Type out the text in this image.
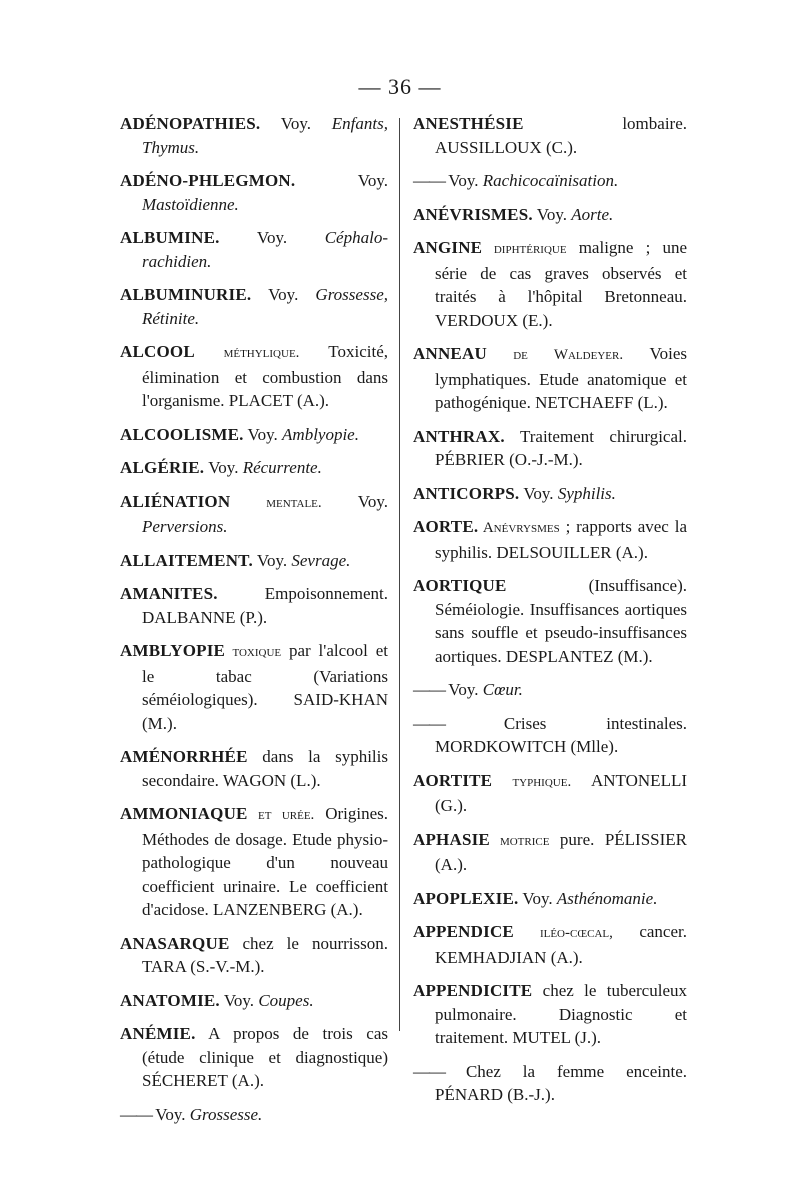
— 36 —

ADÉNOPATHIES. Voy. Enfants, Thymus.

ADÉNO-PHLEGMON. Voy. Mastoïdienne.

ALBUMINE. Voy. Céphalo-rachidien.

ALBUMINURIE. Voy. Grossesse, Rétinite.

ALCOOL méthylique. Toxicité, élimination et combustion dans l'organisme. PLACET (A.).

ALCOOLISME. Voy. Amblyopie.

ALGÉRIE. Voy. Récurrente.

ALIÉNATION mentale. Voy. Perversions.

ALLAITEMENT. Voy. Sevrage.

AMANITES. Empoisonnement. DALBANNE (P.).

AMBLYOPIE toxique par l'alcool et le tabac (Variations séméiologiques). SAID-KHAN (M.).

AMÉNORRHÉE dans la syphilis secondaire. WAGON (L.).

AMMONIAQUE et urée. Origines. Méthodes de dosage. Etude physio-pathologique d'un nouveau coefficient urinaire. Le coefficient d'acidose. LANZENBERG (A.).

ANASARQUE chez le nourrisson. TARA (S.-V.-M.).

ANATOMIE. Voy. Coupes.

ANÉMIE. A propos de trois cas (étude clinique et diagnostique) SÉCHERET (A.).

—— Voy. Grossesse.

ANESTHÉSIE lombaire. AUSSILLOUX (C.).

—— Voy. Rachicocaïnisation.

ANÉVRISMES. Voy. Aorte.

ANGINE diphtérique maligne ; une série de cas graves observés et traités à l'hôpital Bretonneau. VERDOUX (E.).

ANNEAU de Waldeyer. Voies lymphatiques. Etude anatomique et pathogénique. NETCHAEFF (L.).

ANTHRAX. Traitement chirurgical. PÉBRIER (O.-J.-M.).

ANTICORPS. Voy. Syphilis.

AORTE. Anévrysmes ; rapports avec la syphilis. DELSOUILLER (A.).

AORTIQUE (Insuffisance). Séméiologie. Insuffisances aortiques sans souffle et pseudo-insuffisances aortiques. DESPLANTEZ (M.).

—— Voy. Cœur.

—— Crises intestinales. MORDKOWITCH (Mlle).

AORTITE typhique. ANTONELLI (G.).

APHASIE motrice pure. PÉLISSIER (A.).

APOPLEXIE. Voy. Asthénomanie.

APPENDICE iléo-cœcal, cancer. KEMHADJIAN (A.).

APPENDICITE chez le tuberculeux pulmonaire. Diagnostic et traitement. MUTEL (J.).

—— Chez la femme enceinte. PÉNARD (B.-J.).
